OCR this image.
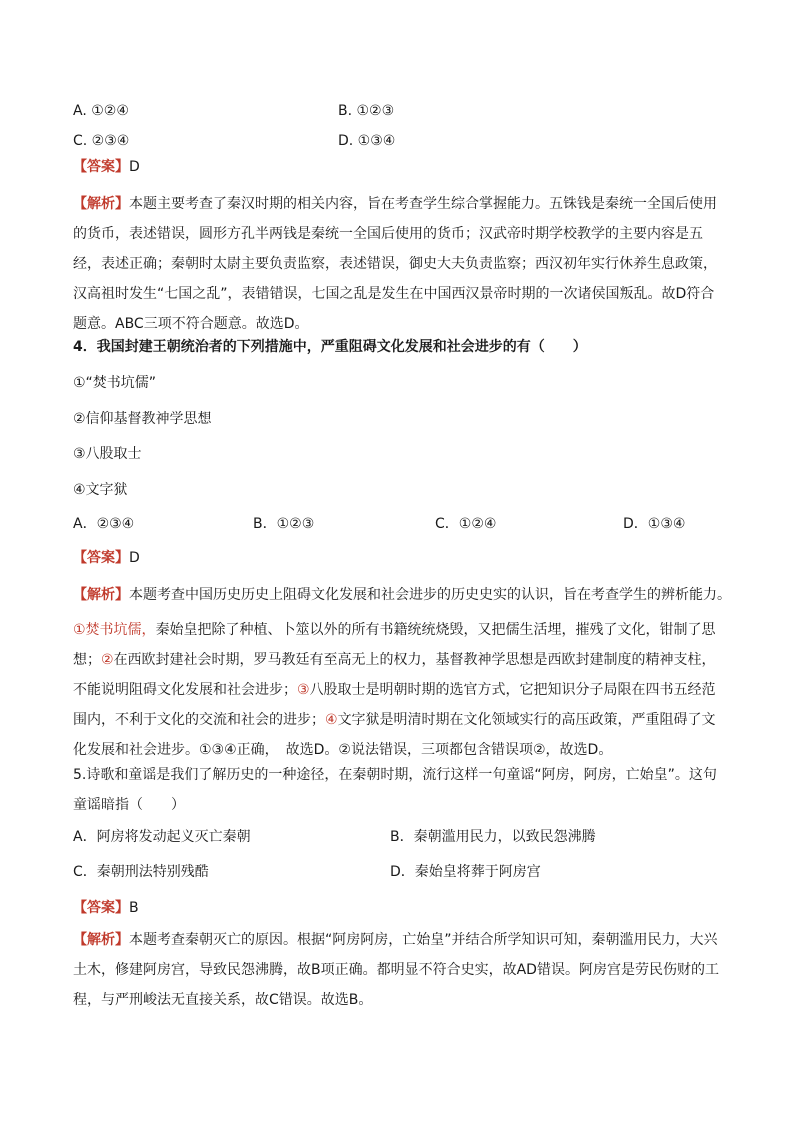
A. ①②④	B. ①②③
C. ②③④	D. ①③④
【答案】D
【解析】本题主要考查了秦汉时期的相关内容，旨在考查学生综合掌握能力。五铢钱是秦统一全国后使用的货币，表述错误，圆形方孔半两钱是秦统一全国后使用的货币；汉武帝时期学校教学的主要内容是五经，表述正确；秦朝时太尉主要负责监察，表述错误，御史大夫负责监察；西汉初年实行休养生息政策，汉高祖时发生“七国之乱”，表错错误，七国之乱是发生在中国西汉景帝时期的一次诸侯国叛乱。故D符合题意。ABC三项不符合题意。故选D。
4．我国封建王朝统治者的下列措施中，严重阻碍文化发展和社会进步的有（　　）
①“焚书坑儒”
②信仰基督教神学思想
③八股取士
④文字狱
A．②③④	B．①②③	C．①②④	D．①③④
【答案】D
【解析】本题考查中国历史历史上阻碍文化发展和社会进步的历史史实的认识，旨在考查学生的辨析能力。
①焚书坑儒，秦始皇把除了种植、卜筮以外的所有书籍统统烧毁，又把儒生活埋，摧残了文化，钳制了思想；②在西欧封建社会时期，罗马教廷有至高无上的权力，基督教神学思想是西欧封建制度的精神支柱，不能说明阻碍文化发展和社会进步；③八股取士是明朝时期的选官方式，它把知识分子局限在四书五经范围内，不利于文化的交流和社会的进步；④文字狱是明清时期在文化领域实行的高压政策，严重阻碍了文化发展和社会进步。①③④正确，　故选D。②说法错误，三项都包含错误项②，故选D。
5.诗歌和童谣是我们了解历史的一种途径，在秦朝时期，流行这样一句童谣“阿房，阿房，亡始皇”。这句童谣暗指（　　）
A．阿房将发动起义灭亡秦朝	B．秦朝滥用民力，以致民怨沸腾
C．秦朝刑法特别残酷	D．秦始皇将葬于阿房宫
【答案】B
【解析】本题考查秦朝灭亡的原因。根据“阿房阿房，亡始皇”并结合所学知识可知，秦朝滥用民力，大兴土木，修建阿房宫，导致民怨沸腾，故B项正确。都明显不符合史实，故AD错误。阿房宫是劳民伤财的工程，与严刑峻法无直接关系，故C错误。故选B。
